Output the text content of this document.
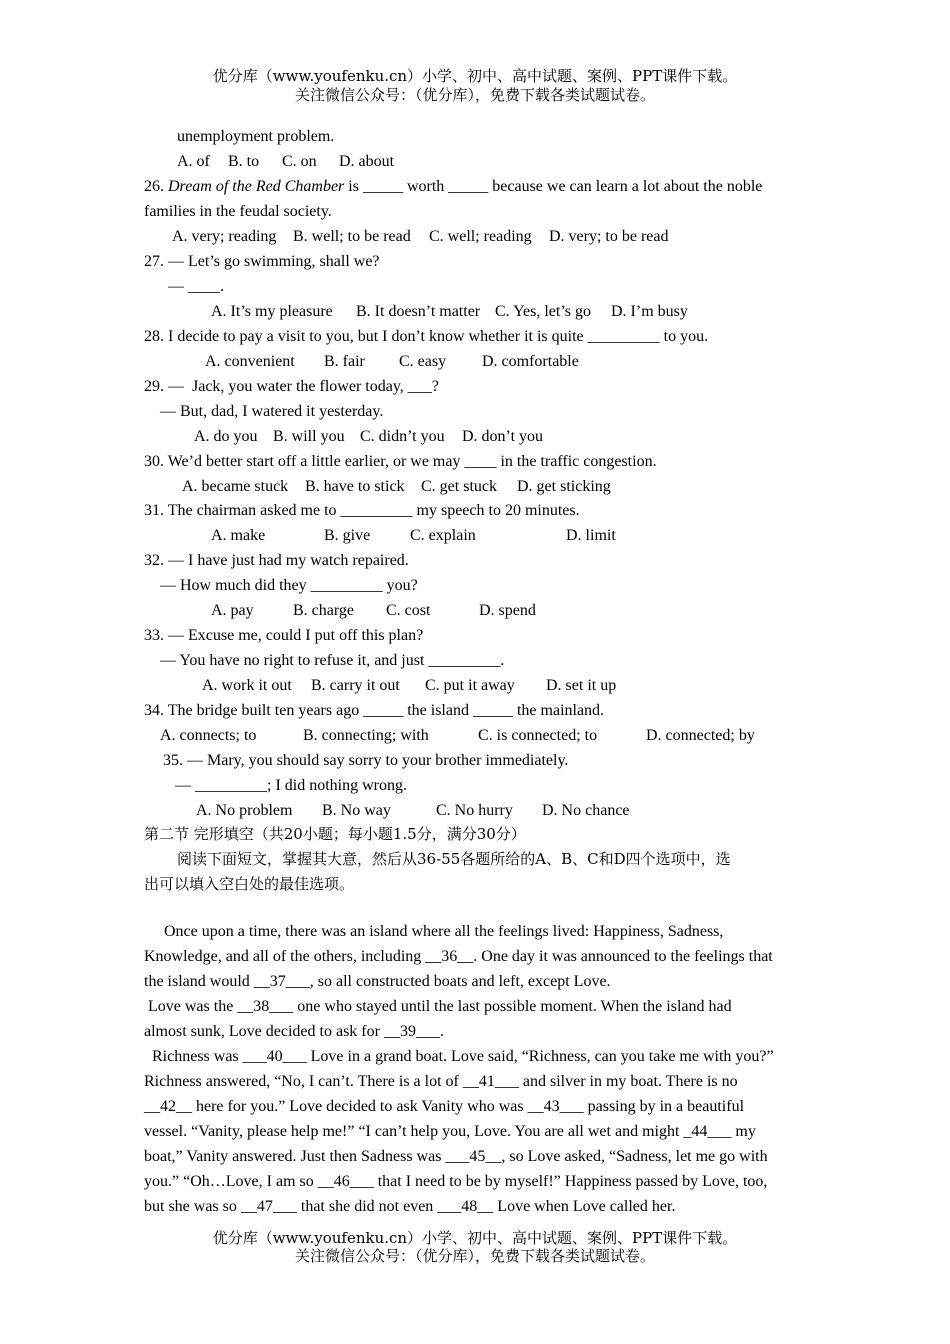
优分库（www.youfenku.cn）小学、初中、高中试题、案例、PPT课件下载。
关注微信公众号：（优分库），免费下载各类试题试卷。
unemployment problem.
A. of B. to C. on D. about
26. Dream of the Red Chamber is _____ worth _____ because we can learn a lot about the noble
families in the feudal society.
A. very; reading B. well; to be read C. well; reading D. very; to be read
27. — Let’s go swimming, shall we?
— ____.
A. It’s my pleasure B. It doesn’t matter C. Yes, let’s go D. I’m busy
28. I decide to pay a visit to you, but I don’t know whether it is quite _________ to you.
A. convenient B. fair C. easy D. comfortable
29. —  Jack, you water the flower today, ___?
— But, dad, I watered it yesterday.
A. do you B. will you C. didn’t you D. don’t you
30. We’d better start off a little earlier, or we may ____ in the traffic congestion.
A. became stuck B. have to stick C. get stuck D. get sticking
31. The chairman asked me to _________ my speech to 20 minutes.
A. make	B. give C. explain	D. limit
32. — I have just had my watch repaired.
— How much did they _________ you?
A. pay B. charge C. cost	D. spend
33. — Excuse me, could I put off this plan?
— You have no right to refuse it, and just _________.
A. work it out B. carry it out C. put it away D. set it up
34. The bridge built ten years ago _____ the island _____ the mainland.
A. connects; to	B. connecting; with	C. is connected; to	D. connected; by
35. — Mary, you should say sorry to your brother immediately.
— _________; I did nothing wrong.
A. No problem B. No way	C. No hurry D. No chance
第二节 完形填空（共20小题；每小题1.5分，满分30分）
阅读下面短文，掌握其大意，然后从36-55各题所给的A、B、C和D四个选项中，选
出可以填入空白处的最佳选项。
Once upon a time, there was an island where all the feelings lived: Happiness, Sadness,
Knowledge, and all of the others, including __36__. One day it was announced to the feelings that
the island would __37___, so all constructed boats and left, except Love.
Love was the __38___ one who stayed until the last possible moment. When the island had
almost sunk, Love decided to ask for __39___.
Richness was ___40___ Love in a grand boat. Love said, “Richness, can you take me with you?”
Richness answered, “No, I can’t. There is a lot of __41___ and silver in my boat. There is no
__42__ here for you.” Love decided to ask Vanity who was __43___ passing by in a beautiful
vessel. “Vanity, please help me!” “I can’t help you, Love. You are all wet and might _44___ my
boat,” Vanity answered. Just then Sadness was ___45__, so Love asked, “Sadness, let me go with
you.” “Oh…Love, I am so __46___ that I need to be by myself!” Happiness passed by Love, too,
but she was so __47___ that she did not even ___48__ Love when Love called her.
优分库（www.youfenku.cn）小学、初中、高中试题、案例、PPT课件下载。
关注微信公众号：（优分库），免费下载各类试题试卷。
